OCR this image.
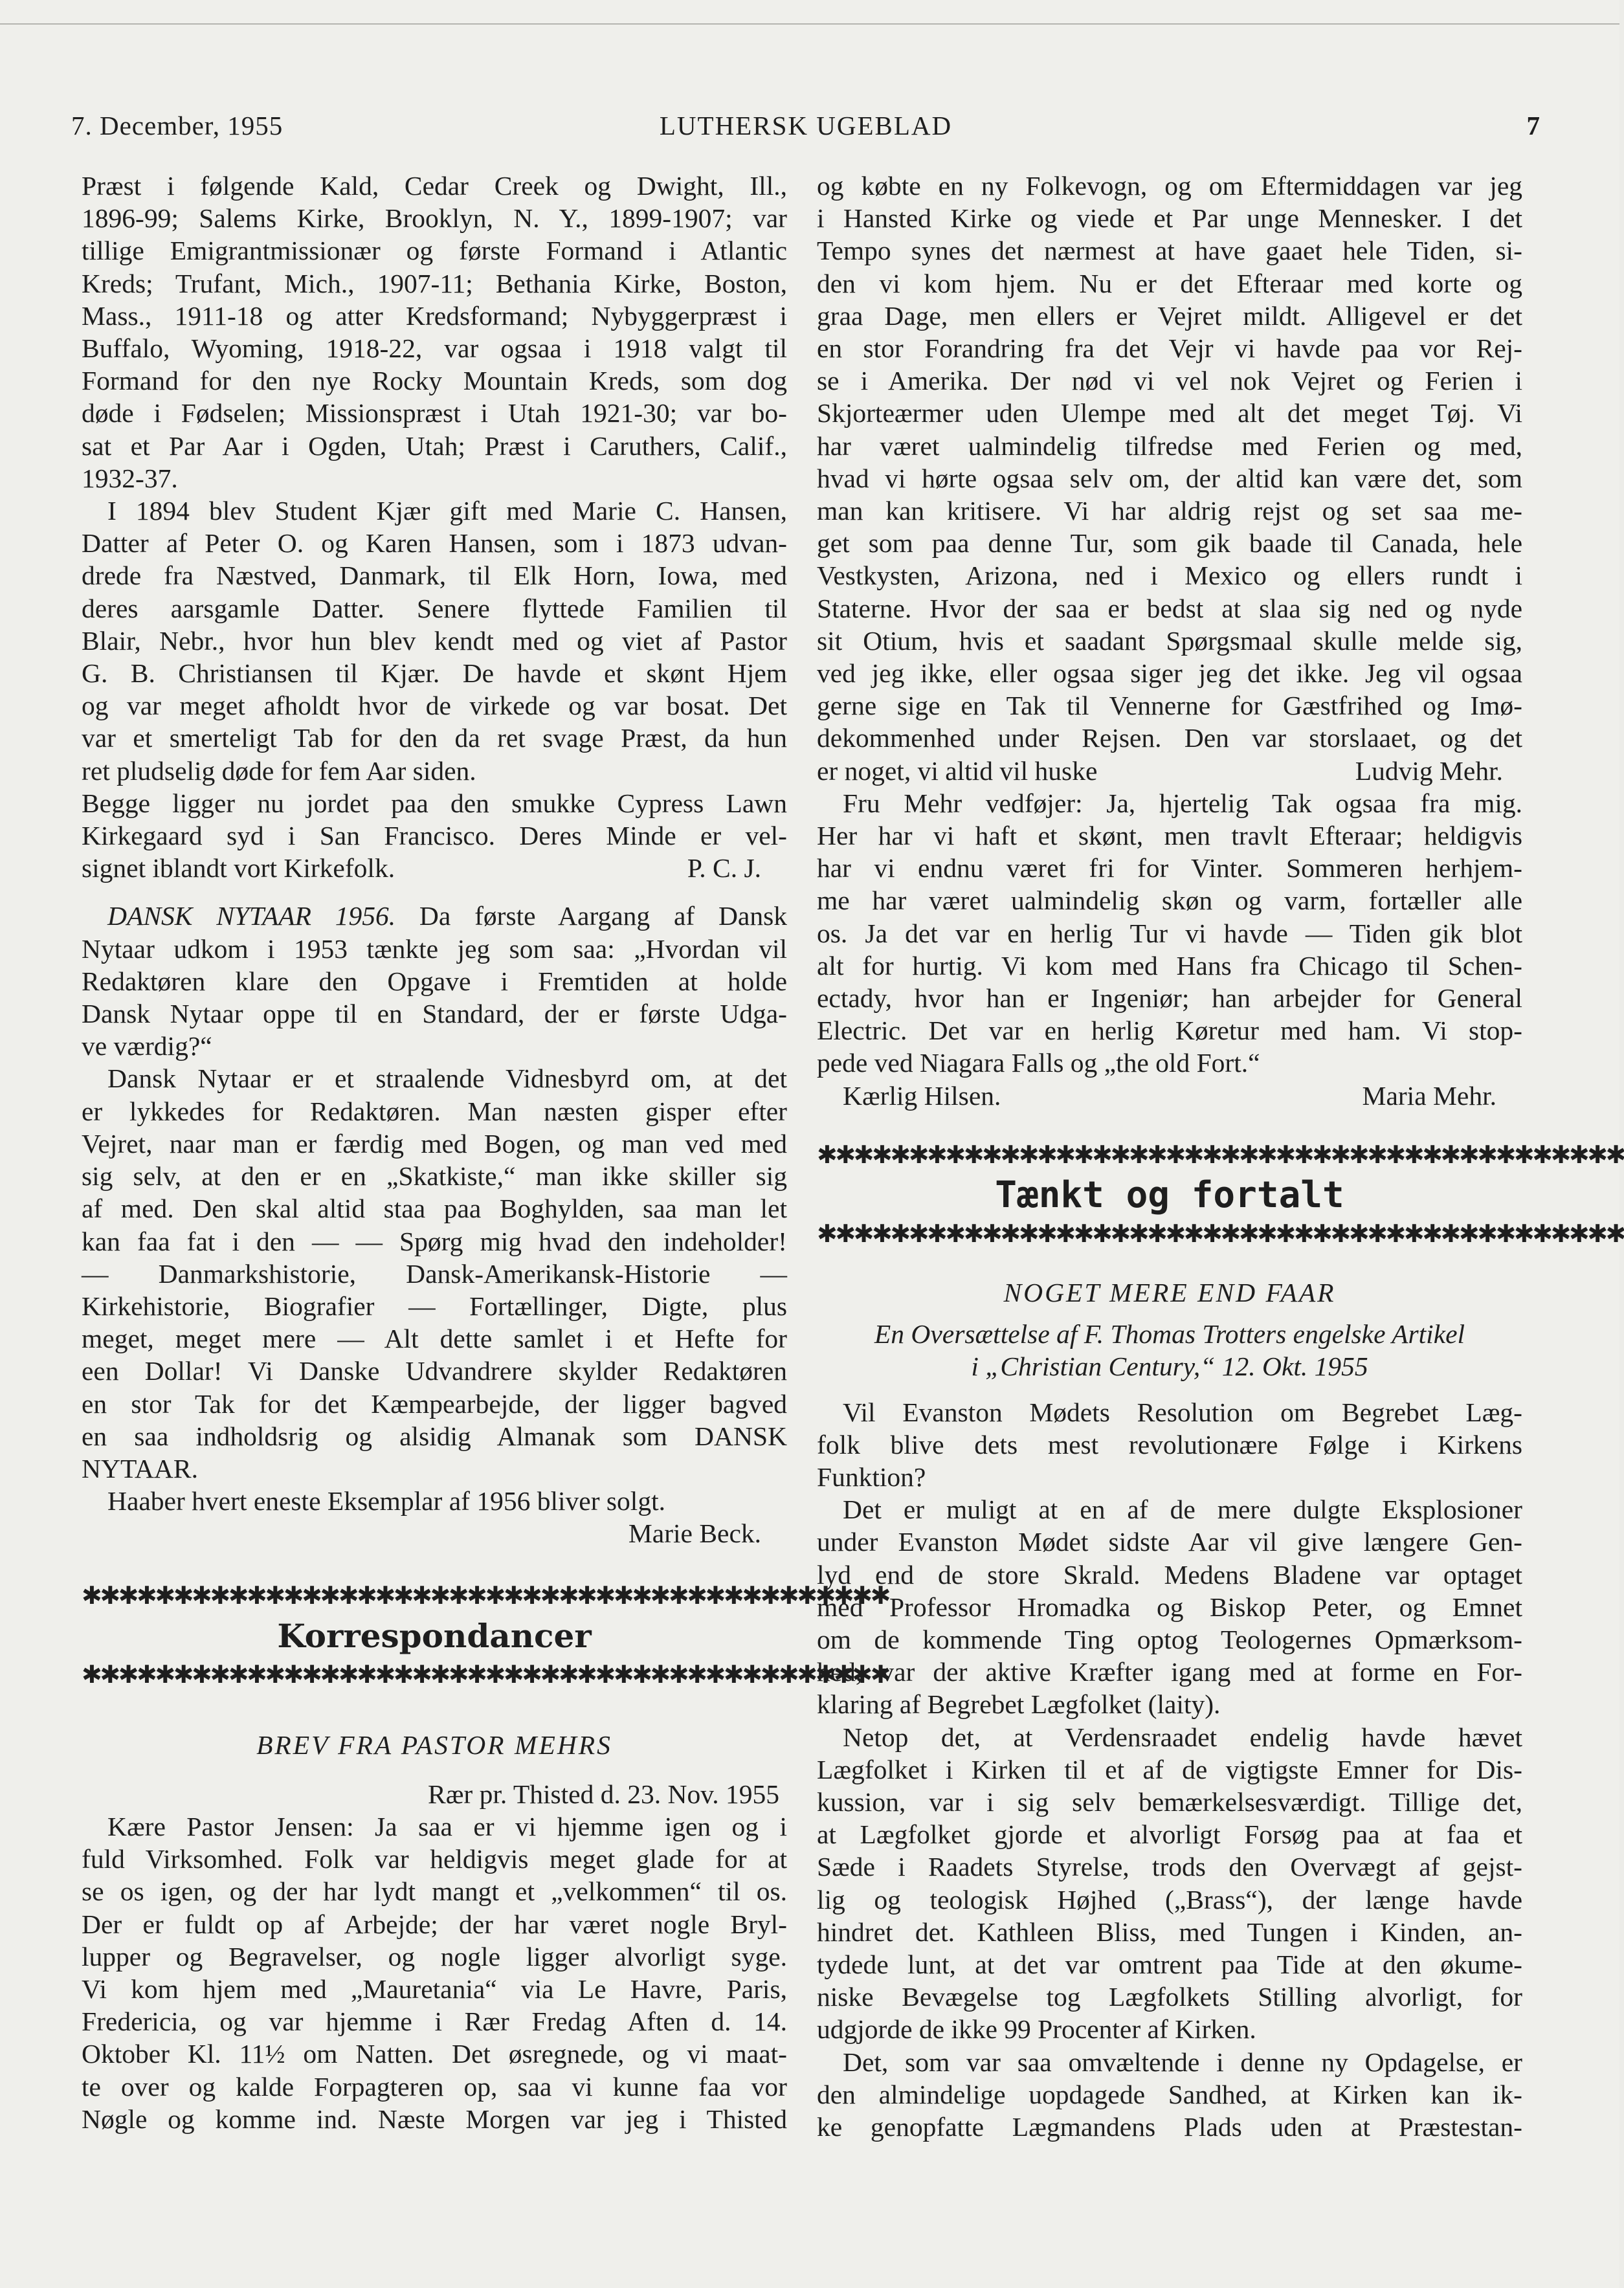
7. December, 1955	LUTHERSK UGEBLAD	7
Præst i følgende Kald, Cedar Creek og Dwight, Ill.,
1896-99; Salems Kirke, Brooklyn, N. Y., 1899-1907; var
tillige Emigrantmissionær og første Formand i Atlantic
Kreds; Trufant, Mich., 1907-11; Bethania Kirke, Boston,
Mass., 1911-18 og atter Kredsformand; Nybyggerpræst i
Buffalo, Wyoming, 1918-22, var ogsaa i 1918 valgt til
Formand for den nye Rocky Mountain Kreds, som dog
døde i Fødselen; Missionspræst i Utah 1921-30; var bo-
sat et Par Aar i Ogden, Utah; Præst i Caruthers, Calif.,
1932-37.
I 1894 blev Student Kjær gift med Marie C. Hansen,
Datter af Peter O. og Karen Hansen, som i 1873 udvan-
drede fra Næstved, Danmark, til Elk Horn, Iowa, med
deres aarsgamle Datter. Senere flyttede Familien til
Blair, Nebr., hvor hun blev kendt med og viet af Pastor
G. B. Christiansen til Kjær. De havde et skønt Hjem
og var meget afholdt hvor de virkede og var bosat. Det
var et smerteligt Tab for den da ret svage Præst, da hun
ret pludselig døde for fem Aar siden.
Begge ligger nu jordet paa den smukke Cypress Lawn
Kirkegaard syd i San Francisco. Deres Minde er vel-
signet iblandt vort Kirkefolk.	P. C. J.
DANSK NYTAAR 1956. Da første Aargang af Dansk
Nytaar udkom i 1953 tænkte jeg som saa: „Hvordan vil
Redaktøren klare den Opgave i Fremtiden at holde
Dansk Nytaar oppe til en Standard, der er første Udga-
ve værdig?“
Dansk Nytaar er et straalende Vidnesbyrd om, at det
er lykkedes for Redaktøren. Man næsten gisper efter
Vejret, naar man er færdig med Bogen, og man ved med
sig selv, at den er en „Skatkiste,“ man ikke skiller sig
af med. Den skal altid staa paa Boghylden, saa man let
kan faa fat i den — — Spørg mig hvad den indeholder!
— Danmarkshistorie, Dansk-Amerikansk-Historie —
Kirkehistorie, Biografier — Fortællinger, Digte, plus
meget, meget mere — Alt dette samlet i et Hefte for
een Dollar! Vi Danske Udvandrere skylder Redaktøren
en stor Tak for det Kæmpearbejde, der ligger bagved
en saa indholdsrig og alsidig Almanak som DANSK
NYTAAR.
Haaber hvert eneste Eksemplar af 1956 bliver solgt.
Marie Beck.
✱✱✱✱✱✱✱✱✱✱✱✱✱✱✱✱✱✱✱✱✱✱✱✱✱✱✱✱✱✱✱✱✱✱✱✱✱✱✱✱✱✱✱✱
Korrespondancer
✱✱✱✱✱✱✱✱✱✱✱✱✱✱✱✱✱✱✱✱✱✱✱✱✱✱✱✱✱✱✱✱✱✱✱✱✱✱✱✱✱✱✱✱
BREV FRA PASTOR MEHRS
Rær pr. Thisted d. 23. Nov. 1955
Kære Pastor Jensen: Ja saa er vi hjemme igen og i
fuld Virksomhed. Folk var heldigvis meget glade for at
se os igen, og der har lydt mangt et „velkommen“ til os.
Der er fuldt op af Arbejde; der har været nogle Bryl-
lupper og Begravelser, og nogle ligger alvorligt syge.
Vi kom hjem med „Mauretania“ via Le Havre, Paris,
Fredericia, og var hjemme i Rær Fredag Aften d. 14.
Oktober Kl. 11½ om Natten. Det øsregnede, og vi maat-
te over og kalde Forpagteren op, saa vi kunne faa vor
Nøgle og komme ind. Næste Morgen var jeg i Thisted
og købte en ny Folkevogn, og om Eftermiddagen var jeg
i Hansted Kirke og viede et Par unge Mennesker. I det
Tempo synes det nærmest at have gaaet hele Tiden, si-
den vi kom hjem. Nu er det Efteraar med korte og
graa Dage, men ellers er Vejret mildt. Alligevel er det
en stor Forandring fra det Vejr vi havde paa vor Rej-
se i Amerika. Der nød vi vel nok Vejret og Ferien i
Skjorteærmer uden Ulempe med alt det meget Tøj. Vi
har været ualmindelig tilfredse med Ferien og med,
hvad vi hørte ogsaa selv om, der altid kan være det, som
man kan kritisere. Vi har aldrig rejst og set saa me-
get som paa denne Tur, som gik baade til Canada, hele
Vestkysten, Arizona, ned i Mexico og ellers rundt i
Staterne. Hvor der saa er bedst at slaa sig ned og nyde
sit Otium, hvis et saadant Spørgsmaal skulle melde sig,
ved jeg ikke, eller ogsaa siger jeg det ikke. Jeg vil ogsaa
gerne sige en Tak til Vennerne for Gæstfrihed og Imø-
dekommenhed under Rejsen. Den var storslaaet, og det
er noget, vi altid vil huske	Ludvig Mehr.
Fru Mehr vedføjer: Ja, hjertelig Tak ogsaa fra mig.
Her har vi haft et skønt, men travlt Efteraar; heldigvis
har vi endnu været fri for Vinter. Sommeren herhjem-
me har været ualmindelig skøn og varm, fortæller alle
os. Ja det var en herlig Tur vi havde — Tiden gik blot
alt for hurtig. Vi kom med Hans fra Chicago til Schen-
ectady, hvor han er Ingeniør; han arbejder for General
Electric. Det var en herlig Køretur med ham. Vi stop-
pede ved Niagara Falls og „the old Fort.“
Kærlig Hilsen.	Maria Mehr.
✱✱✱✱✱✱✱✱✱✱✱✱✱✱✱✱✱✱✱✱✱✱✱✱✱✱✱✱✱✱✱✱✱✱✱✱✱✱✱✱✱✱✱✱
Tænkt og fortalt
✱✱✱✱✱✱✱✱✱✱✱✱✱✱✱✱✱✱✱✱✱✱✱✱✱✱✱✱✱✱✱✱✱✱✱✱✱✱✱✱✱✱✱✱
NOGET MERE END FAAR
En Oversættelse af F. Thomas Trotters engelske Artikel
i „Christian Century,“ 12. Okt. 1955
Vil Evanston Mødets Resolution om Begrebet Læg-
folk blive dets mest revolutionære Følge i Kirkens
Funktion?
Det er muligt at en af de mere dulgte Eksplosioner
under Evanston Mødet sidste Aar vil give længere Gen-
lyd end de store Skrald. Medens Bladene var optaget
med Professor Hromadka og Biskop Peter, og Emnet
om de kommende Ting optog Teologernes Opmærksom-
hed, var der aktive Kræfter igang med at forme en For-
klaring af Begrebet Lægfolket (laity).
Netop det, at Verdensraadet endelig havde hævet
Lægfolket i Kirken til et af de vigtigste Emner for Dis-
kussion, var i sig selv bemærkelsesværdigt. Tillige det,
at Lægfolket gjorde et alvorligt Forsøg paa at faa et
Sæde i Raadets Styrelse, trods den Overvægt af gejst-
lig og teologisk Højhed („Brass“), der længe havde
hindret det. Kathleen Bliss, med Tungen i Kinden, an-
tydede lunt, at det var omtrent paa Tide at den økume-
niske Bevægelse tog Lægfolkets Stilling alvorligt, for
udgjorde de ikke 99 Procenter af Kirken.
Det, som var saa omvæltende i denne ny Opdagelse, er
den almindelige uopdagede Sandhed, at Kirken kan ik-
ke genopfatte Lægmandens Plads uden at Præstestan-
